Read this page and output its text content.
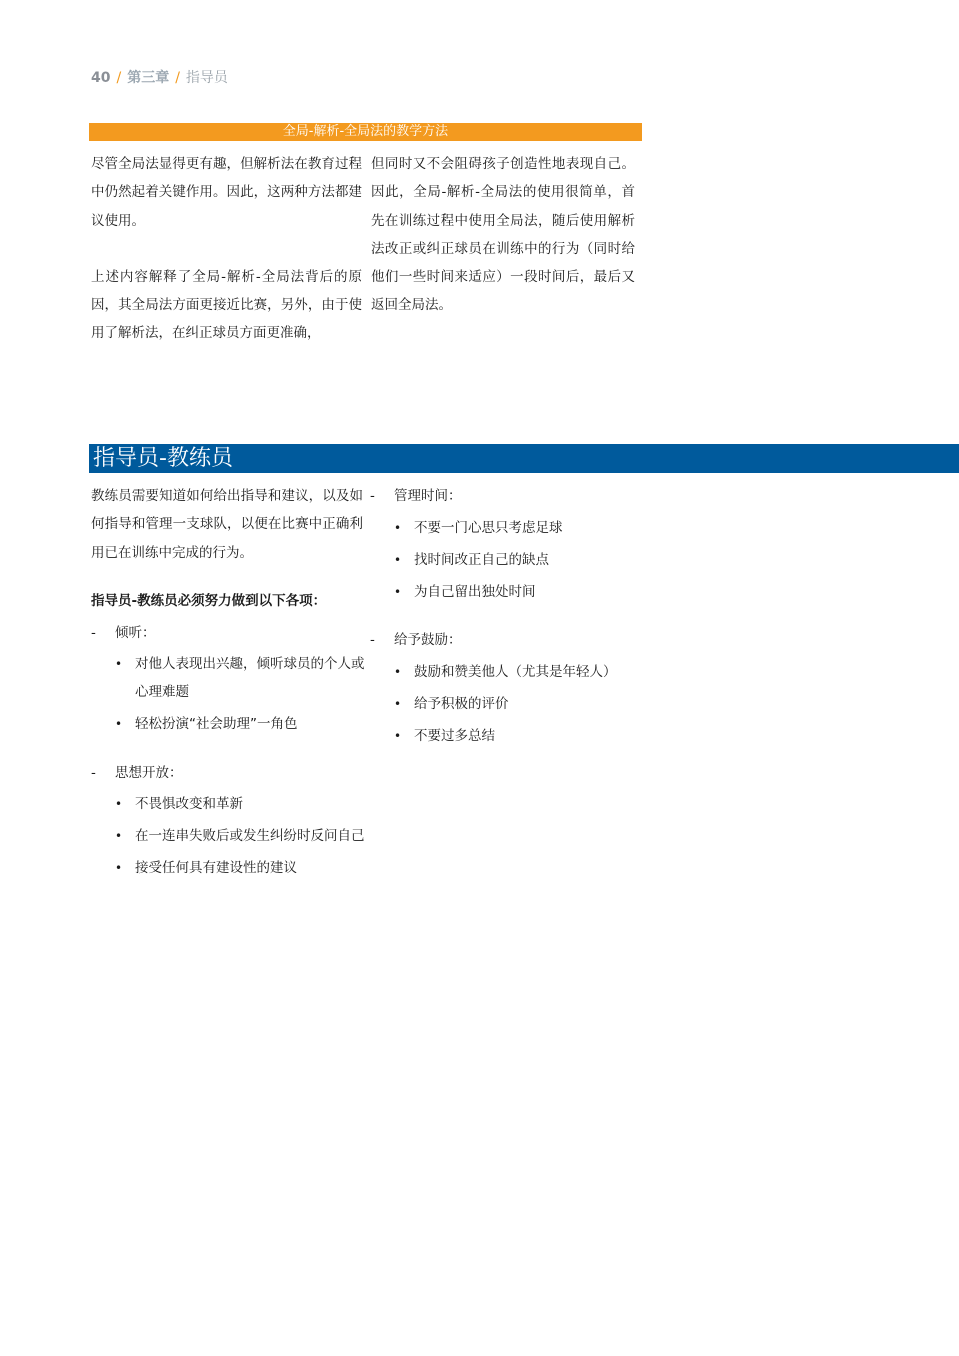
40 / 第三章 / 指导员
全局-解析-全局法的教学方法

尽管全局法显得更有趣，但解析法在教育过程中仍然起着关键作用。因此，这两种方法都建议使用。

上述内容解释了全局-解析-全局法背后的原因，其全局法方面更接近比赛，另外，由于使用了解析法，在纠正球员方面更准确，

但同时又不会阻碍孩子创造性地表现自己。因此，全局-解析-全局法的使用很简单，首先在训练过程中使用全局法，随后使用解析法改正或纠正球员在训练中的行为（同时给他们一些时间来适应）一段时间后，最后又返回全局法。

指导员-教练员

教练员需要知道如何给出指导和建议，以及如何指导和管理一支球队，以便在比赛中正确利用已在训练中完成的行为。

指导员-教练员必须努力做到以下各项：
- 倾听：
• 对他人表现出兴趣，倾听球员的个人或心理难题
• 轻松扮演“社会助理”一角色
- 思想开放：
• 不畏惧改变和革新
• 在一连串失败后或发生纠纷时反问自己
• 接受任何具有建设性的建议
- 管理时间：
• 不要一门心思只考虑足球
• 找时间改正自己的缺点
• 为自己留出独处时间
- 给予鼓励：
• 鼓励和赞美他人（尤其是年轻人）
• 给予积极的评价
• 不要过多总结
